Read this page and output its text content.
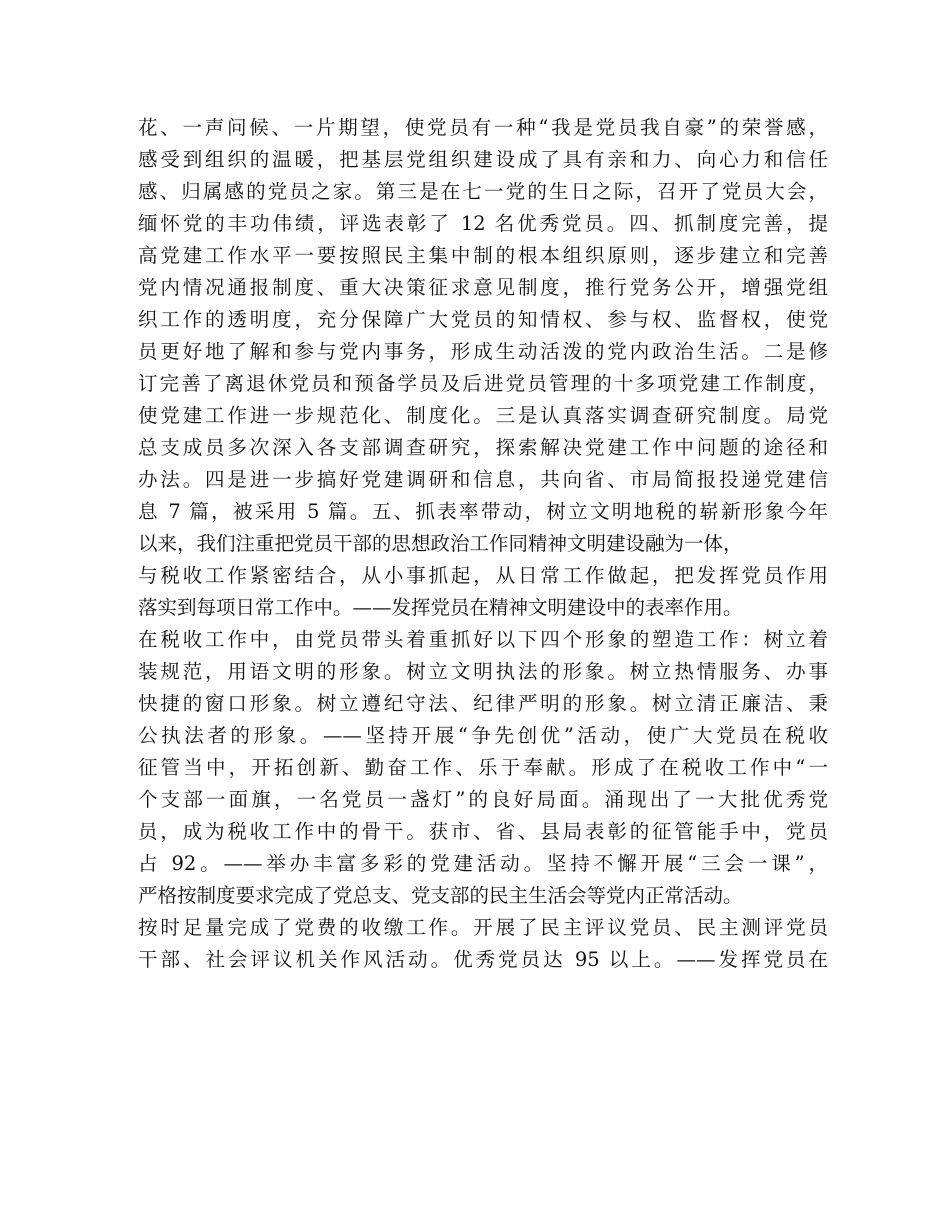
花、一声问候、一片期望，使党员有一种“我是党员我自豪”的荣誉感，
感受到组织的温暖，把基层党组织建设成了具有亲和力、向心力和信任
感、归属感的党员之家。第三是在七一党的生日之际，召开了党员大会，
缅怀党的丰功伟绩，评选表彰了 12 名优秀党员。四、抓制度完善，提
高党建工作水平一要按照民主集中制的根本组织原则，逐步建立和完善
党内情况通报制度、重大决策征求意见制度，推行党务公开，增强党组
织工作的透明度，充分保障广大党员的知情权、参与权、监督权，使党
员更好地了解和参与党内事务，形成生动活泼的党内政治生活。二是修
订完善了离退休党员和预备学员及后进党员管理的十多项党建工作制度，
使党建工作进一步规范化、制度化。三是认真落实调查研究制度。局党
总支成员多次深入各支部调查研究，探索解决党建工作中问题的途径和
办法。四是进一步搞好党建调研和信息，共向省、市局简报投递党建信
息 7 篇，被采用 5 篇。五、抓表率带动，树立文明地税的崭新形象今年
以来，我们注重把党员干部的思想政治工作同精神文明建设融为一体，
与税收工作紧密结合，从小事抓起，从日常工作做起，把发挥党员作用
落实到每项日常工作中。——发挥党员在精神文明建设中的表率作用。
在税收工作中，由党员带头着重抓好以下四个形象的塑造工作：树立着
装规范，用语文明的形象。树立文明执法的形象。树立热情服务、办事
快捷的窗口形象。树立遵纪守法、纪律严明的形象。树立清正廉洁、秉
公执法者的形象。——坚持开展“争先创优”活动，使广大党员在税收
征管当中，开拓创新、勤奋工作、乐于奉献。形成了在税收工作中“一
个支部一面旗，一名党员一盏灯”的良好局面。涌现出了一大批优秀党
员，成为税收工作中的骨干。获市、省、县局表彰的征管能手中，党员
占 92。——举办丰富多彩的党建活动。坚持不懈开展“三会一课”，
严格按制度要求完成了党总支、党支部的民主生活会等党内正常活动。
按时足量完成了党费的收缴工作。开展了民主评议党员、民主测评党员
干部、社会评议机关作风活动。优秀党员达 95 以上。——发挥党员在
